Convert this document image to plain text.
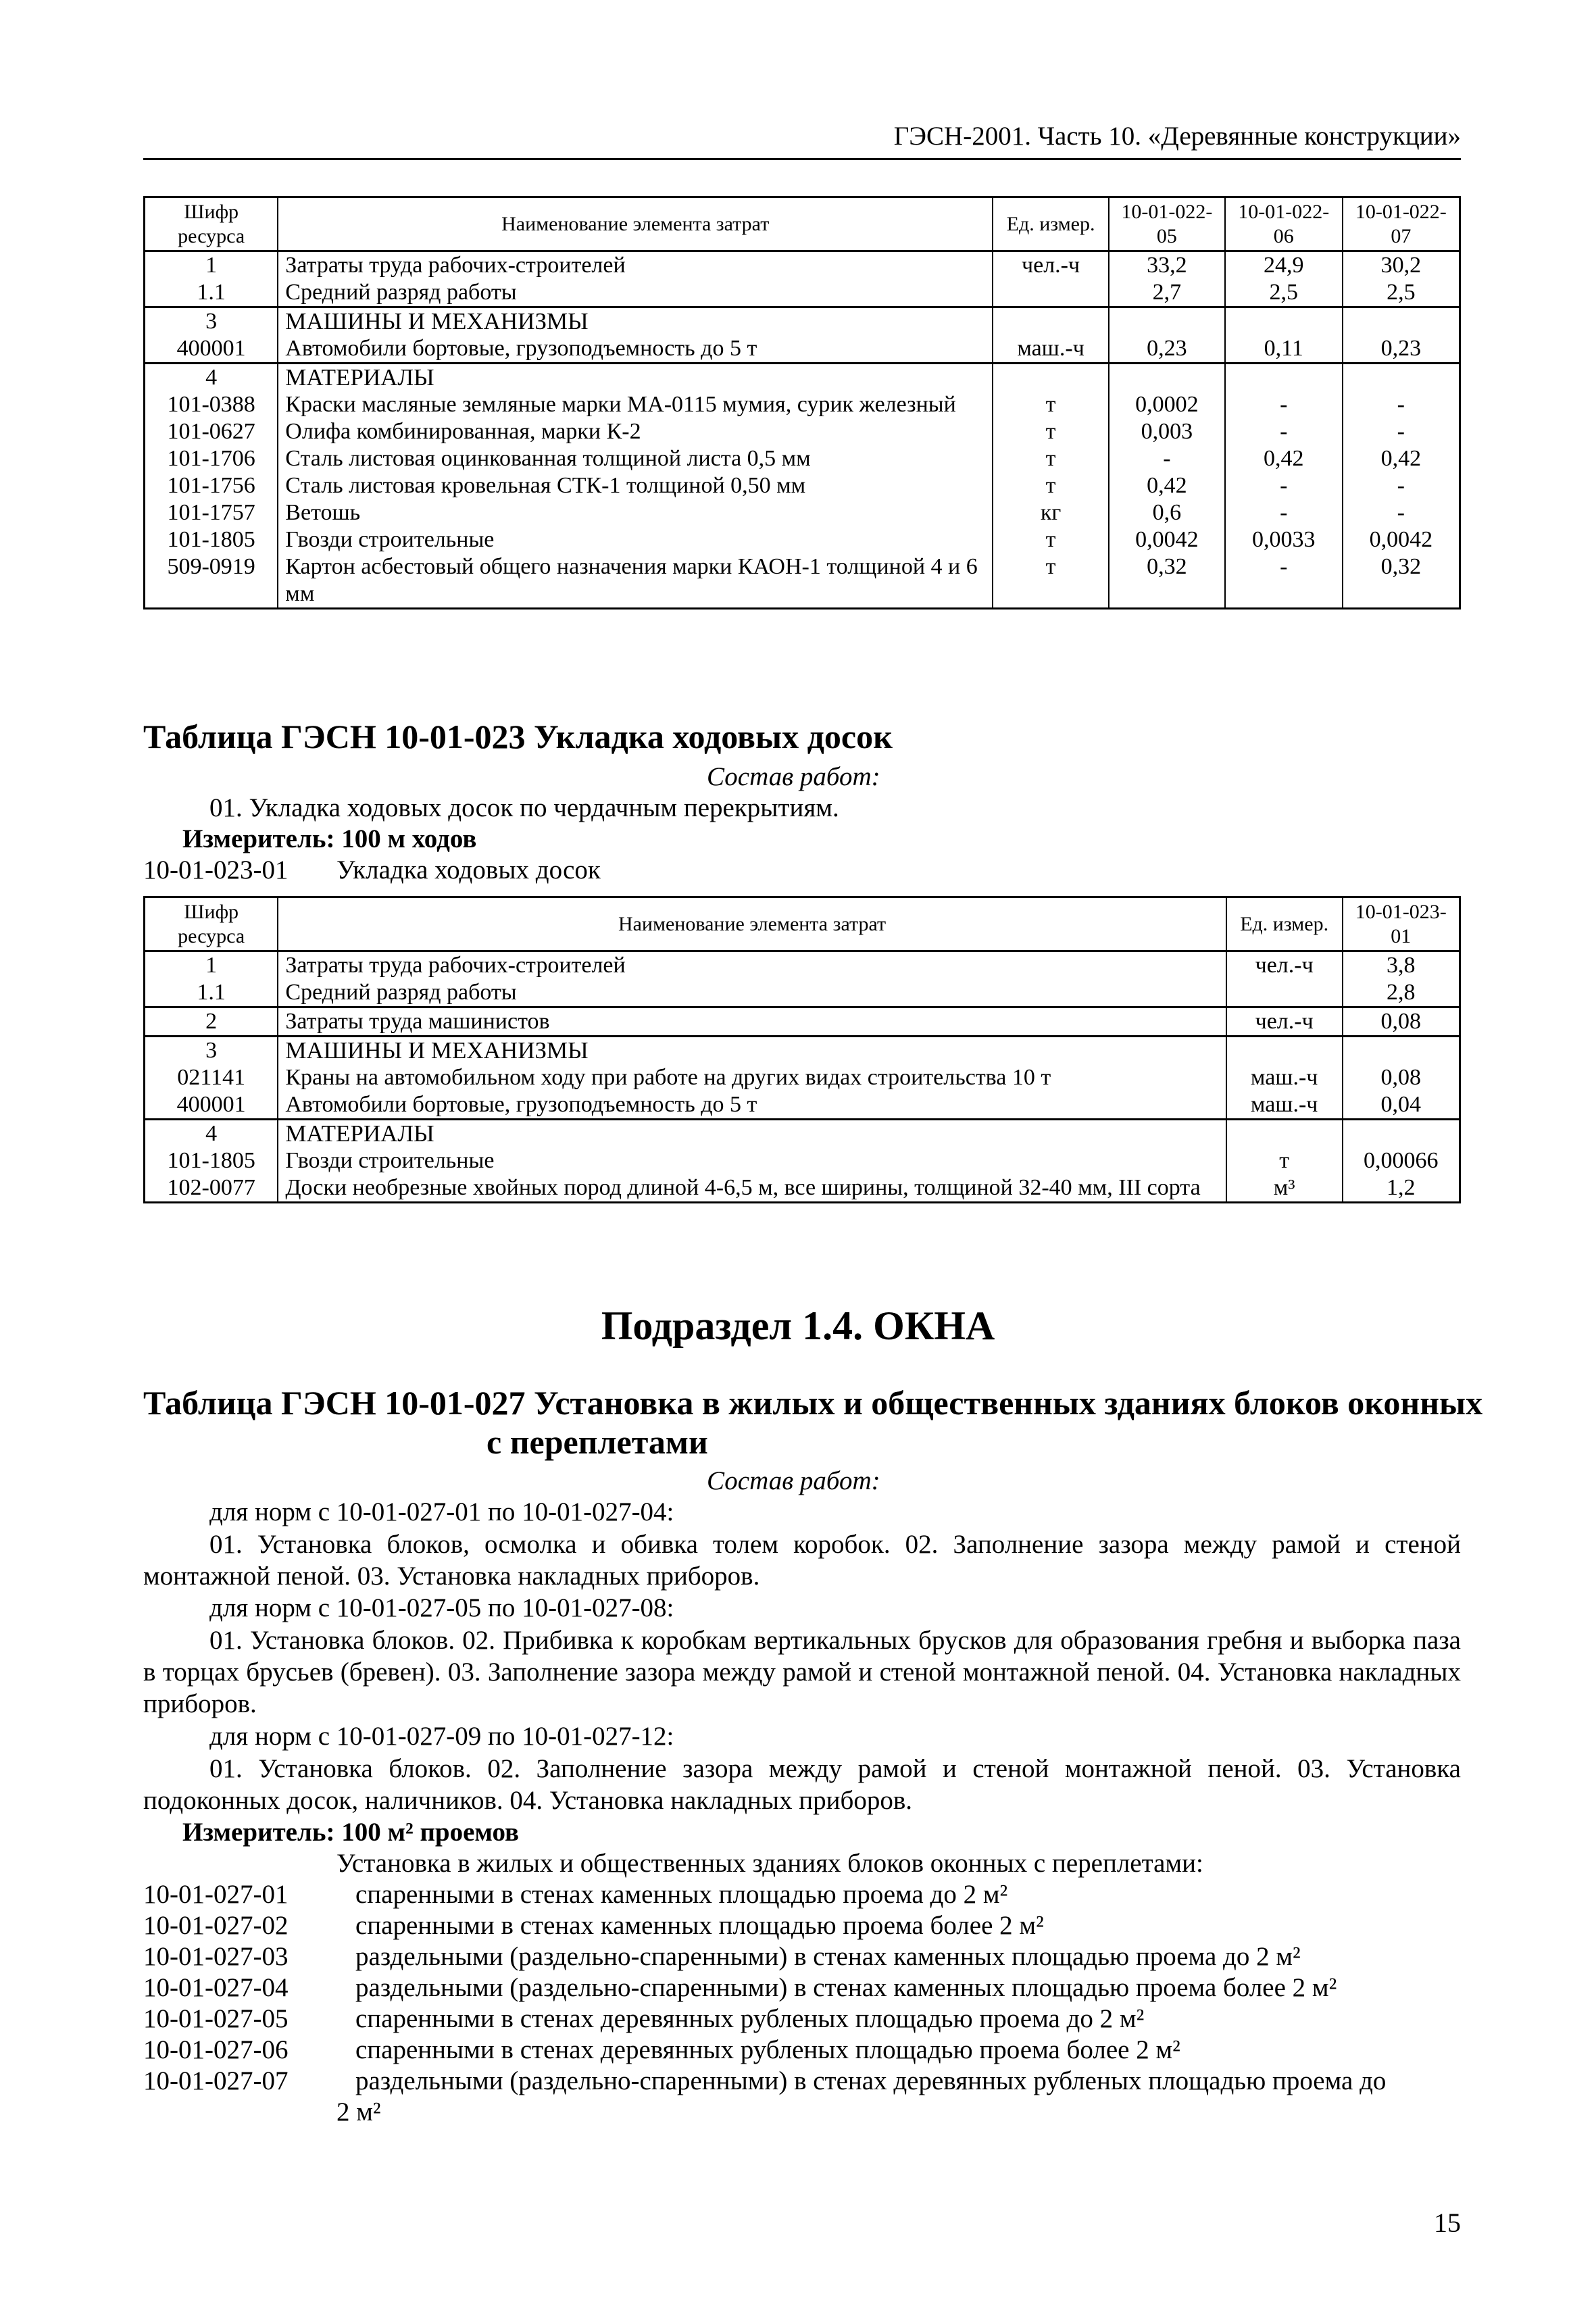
ГЭСН-2001. Часть 10. «Деревянные конструкции»
Шифр ресурса	Наименование элемента затрат	Ед. измер.	10-01-022-05	10-01-022-06	10-01-022-07
1	Затраты труда рабочих-строителей	чел.-ч	33,2	24,9	30,2
1.1	Средний разряд работы		2,7	2,5	2,5
3	МАШИНЫ И МЕХАНИЗМЫ				
400001	Автомобили бортовые, грузоподъемность до 5 т	маш.-ч	0,23	0,11	0,23
4	МАТЕРИАЛЫ				
101-0388	Краски масляные земляные марки МА-0115 мумия, сурик железный	т	0,0002	-	-
101-0627	Олифа комбинированная, марки К-2	т	0,003	-	-
101-1706	Сталь листовая оцинкованная толщиной листа 0,5 мм	т	-	0,42	0,42
101-1756	Сталь листовая кровельная СТК-1 толщиной 0,50 мм	т	0,42	-	-
101-1757	Ветошь	кг	0,6	-	-
101-1805	Гвозди строительные	т	0,0042	0,0033	0,0042
509-0919	Картон асбестовый общего назначения марки КАОН-1 толщиной 4 и 6 мм	т	0,32	-	0,32
Таблица ГЭСН 10-01-023 Укладка ходовых досок
Состав работ:
01. Укладка ходовых досок по чердачным перекрытиям.
Измеритель: 100 м ходов
10-01-023-01 Укладка ходовых досок
Шифр ресурса	Наименование элемента затрат	Ед. измер.	10-01-023-01
1	Затраты труда рабочих-строителей	чел.-ч	3,8
1.1	Средний разряд работы		2,8
2	Затраты труда машинистов	чел.-ч	0,08
3	МАШИНЫ И МЕХАНИЗМЫ		
021141	Краны на автомобильном ходу при работе на других видах строительства 10 т	маш.-ч	0,08
400001	Автомобили бортовые, грузоподъемность до 5 т	маш.-ч	0,04
4	МАТЕРИАЛЫ		
101-1805	Гвозди строительные	т	0,00066
102-0077	Доски необрезные хвойных пород длиной 4-6,5 м, все ширины, толщиной 32-40 мм, III сорта	м³	1,2
Подраздел 1.4. ОКНА
Таблица ГЭСН 10-01-027 Установка в жилых и общественных зданиях блоков оконных
с переплетами
Состав работ:
для норм с 10-01-027-01 по 10-01-027-04:
01. Установка блоков, осмолка и обивка толем коробок. 02. Заполнение зазора между рамой и стеной монтажной пеной. 03. Установка накладных приборов.
для норм с 10-01-027-05 по 10-01-027-08:
01. Установка блоков. 02. Прибивка к коробкам вертикальных брусков для образования гребня и выборка паза в торцах брусьев (бревен). 03. Заполнение зазора между рамой и стеной монтажной пеной. 04. Установка накладных приборов.
для норм с 10-01-027-09 по 10-01-027-12:
01. Установка блоков. 02. Заполнение зазора между рамой и стеной монтажной пеной. 03. Установка подоконных досок, наличников. 04. Установка накладных приборов.
Измеритель: 100 м² проемов
Установка в жилых и общественных зданиях блоков оконных с переплетами:
10-01-027-01	спаренными в стенах каменных площадью проема до 2 м²
10-01-027-02	спаренными в стенах каменных площадью проема более 2 м²
10-01-027-03	раздельными (раздельно-спаренными) в стенах каменных площадью проема до 2 м²
10-01-027-04	раздельными (раздельно-спаренными) в стенах каменных площадью проема более 2 м²
10-01-027-05	спаренными в стенах деревянных рубленых площадью проема до 2 м²
10-01-027-06	спаренными в стенах деревянных рубленых площадью проема более 2 м²
10-01-027-07	раздельными (раздельно-спаренными) в стенах деревянных рубленых площадью проема до
2 м²
15
